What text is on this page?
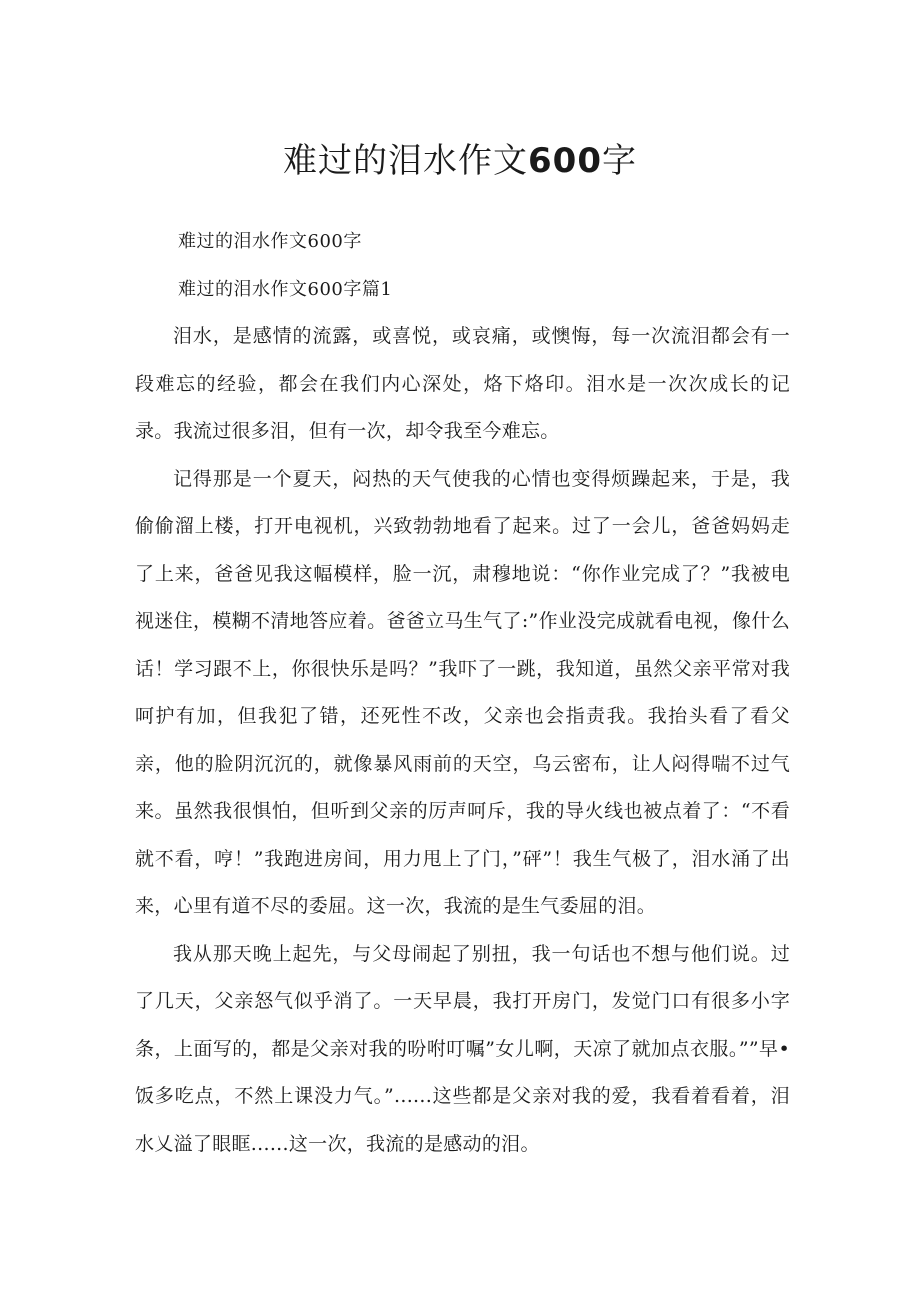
难过的泪水作文600字

难过的泪水作文600字

难过的泪水作文600字篇1

泪水，是感情的流露，或喜悦，或哀痛，或懊悔，每一次流泪都会有一段难忘的经验，都会在我们内心深处，烙下烙印。泪水是一次次成长的记录。我流过很多泪，但有一次，却令我至今难忘。

记得那是一个夏天，闷热的天气使我的心情也变得烦躁起来，于是，我偷偷溜上楼，打开电视机，兴致勃勃地看了起来。过了一会儿，爸爸妈妈走了上来，爸爸见我这幅模样，脸一沉，肃穆地说：“你作业完成了？”我被电视迷住，模糊不清地答应着。爸爸立马生气了:”作业没完成就看电视，像什么话！学习跟不上，你很快乐是吗？”我吓了一跳，我知道，虽然父亲平常对我呵护有加，但我犯了错，还死性不改，父亲也会指责我。我抬头看了看父亲，他的脸阴沉沉的，就像暴风雨前的天空，乌云密布，让人闷得喘不过气来。虽然我很惧怕，但听到父亲的厉声呵斥，我的导火线也被点着了：“不看就不看，哼！”我跑进房间，用力甩上了门，”砰”！我生气极了，泪水涌了出来，心里有道不尽的委屈。这一次，我流的是生气委屈的泪。

我从那天晚上起先，与父母闹起了别扭，我一句话也不想与他们说。过了几天，父亲怒气似乎消了。一天早晨，我打开房门，发觉门口有很多小字条，上面写的，都是父亲对我的吩咐叮嘱”女儿啊，天凉了就加点衣服。””早•饭多吃点，不然上课没力气。”......这些都是父亲对我的爱，我看着看着，泪水乂溢了眼眶......这一次，我流的是感动的泪。
